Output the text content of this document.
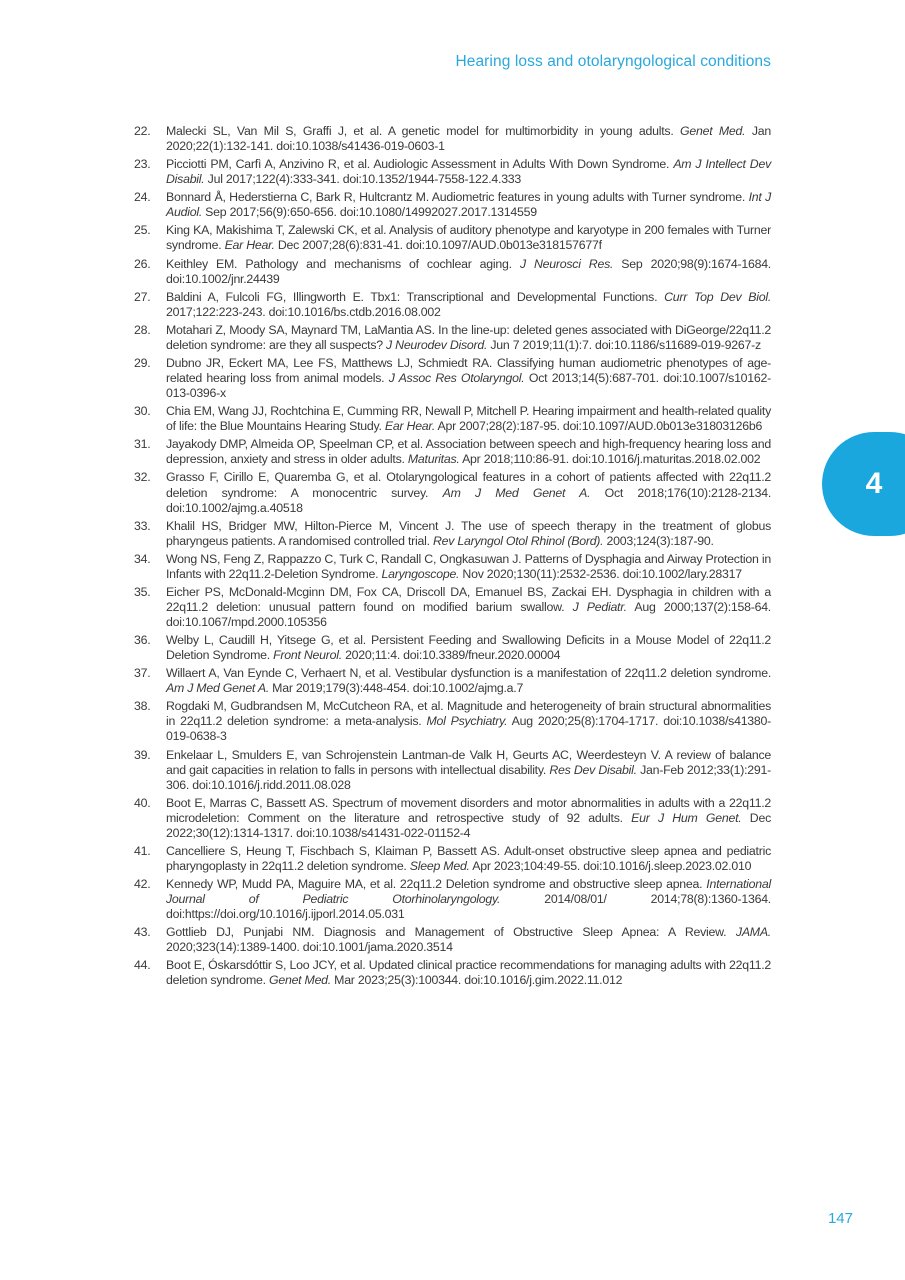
Hearing loss and otolaryngological conditions
4
22.	Malecki SL, Van Mil S, Graffi J, et al. A genetic model for multimorbidity in young adults. Genet Med. Jan 2020;22(1):132-141. doi:10.1038/s41436-019-0603-1
23.	Picciotti PM, Carfì A, Anzivino R, et al. Audiologic Assessment in Adults With Down Syndrome. Am J Intellect Dev Disabil. Jul 2017;122(4):333-341. doi:10.1352/1944-7558-122.4.333
24.	Bonnard Å, Hederstierna C, Bark R, Hultcrantz M. Audiometric features in young adults with Turner syndrome. Int J Audiol. Sep 2017;56(9):650-656. doi:10.1080/14992027.2017.1314559
25.	King KA, Makishima T, Zalewski CK, et al. Analysis of auditory phenotype and karyotype in 200 females with Turner syndrome. Ear Hear. Dec 2007;28(6):831-41. doi:10.1097/AUD.0b013e318157677f
26.	Keithley EM. Pathology and mechanisms of cochlear aging. J Neurosci Res. Sep 2020;98(9):1674-1684. doi:10.1002/jnr.24439
27.	Baldini A, Fulcoli FG, Illingworth E. Tbx1: Transcriptional and Developmental Functions. Curr Top Dev Biol. 2017;122:223-243. doi:10.1016/bs.ctdb.2016.08.002
28.	Motahari Z, Moody SA, Maynard TM, LaMantia AS. In the line-up: deleted genes associated with DiGeorge/22q11.2 deletion syndrome: are they all suspects? J Neurodev Disord. Jun 7 2019;11(1):7. doi:10.1186/s11689-019-9267-z
29.	Dubno JR, Eckert MA, Lee FS, Matthews LJ, Schmiedt RA. Classifying human audiometric phenotypes of age-related hearing loss from animal models. J Assoc Res Otolaryngol. Oct 2013;14(5):687-701. doi:10.1007/s10162-013-0396-x
30.	Chia EM, Wang JJ, Rochtchina E, Cumming RR, Newall P, Mitchell P. Hearing impairment and health-related quality of life: the Blue Mountains Hearing Study. Ear Hear. Apr 2007;28(2):187-95. doi:10.1097/AUD.0b013e31803126b6
31.	Jayakody DMP, Almeida OP, Speelman CP, et al. Association between speech and high-frequency hearing loss and depression, anxiety and stress in older adults. Maturitas. Apr 2018;110:86-91. doi:10.1016/j.maturitas.2018.02.002
32.	Grasso F, Cirillo E, Quaremba G, et al. Otolaryngological features in a cohort of patients affected with 22q11.2 deletion syndrome: A monocentric survey. Am J Med Genet A. Oct 2018;176(10):2128-2134. doi:10.1002/ajmg.a.40518
33.	Khalil HS, Bridger MW, Hilton-Pierce M, Vincent J. The use of speech therapy in the treatment of globus pharyngeus patients. A randomised controlled trial. Rev Laryngol Otol Rhinol (Bord). 2003;124(3):187-90.
34.	Wong NS, Feng Z, Rappazzo C, Turk C, Randall C, Ongkasuwan J. Patterns of Dysphagia and Airway Protection in Infants with 22q11.2-Deletion Syndrome. Laryngoscope. Nov 2020;130(11):2532-2536. doi:10.1002/lary.28317
35.	Eicher PS, McDonald-Mcginn DM, Fox CA, Driscoll DA, Emanuel BS, Zackai EH. Dysphagia in children with a 22q11.2 deletion: unusual pattern found on modified barium swallow. J Pediatr. Aug 2000;137(2):158-64. doi:10.1067/mpd.2000.105356
36.	Welby L, Caudill H, Yitsege G, et al. Persistent Feeding and Swallowing Deficits in a Mouse Model of 22q11.2 Deletion Syndrome. Front Neurol. 2020;11:4. doi:10.3389/fneur.2020.00004
37.	Willaert A, Van Eynde C, Verhaert N, et al. Vestibular dysfunction is a manifestation of 22q11.2 deletion syndrome. Am J Med Genet A. Mar 2019;179(3):448-454. doi:10.1002/ajmg.a.7
38.	Rogdaki M, Gudbrandsen M, McCutcheon RA, et al. Magnitude and heterogeneity of brain structural abnormalities in 22q11.2 deletion syndrome: a meta-analysis. Mol Psychiatry. Aug 2020;25(8):1704-1717. doi:10.1038/s41380-019-0638-3
39.	Enkelaar L, Smulders E, van Schrojenstein Lantman-de Valk H, Geurts AC, Weerdesteyn V. A review of balance and gait capacities in relation to falls in persons with intellectual disability. Res Dev Disabil. Jan-Feb 2012;33(1):291-306. doi:10.1016/j.ridd.2011.08.028
40.	Boot E, Marras C, Bassett AS. Spectrum of movement disorders and motor abnormalities in adults with a 22q11.2 microdeletion: Comment on the literature and retrospective study of 92 adults. Eur J Hum Genet. Dec 2022;30(12):1314-1317. doi:10.1038/s41431-022-01152-4
41.	Cancelliere S, Heung T, Fischbach S, Klaiman P, Bassett AS. Adult-onset obstructive sleep apnea and pediatric pharyngoplasty in 22q11.2 deletion syndrome. Sleep Med. Apr 2023;104:49-55. doi:10.1016/j.sleep.2023.02.010
42.	Kennedy WP, Mudd PA, Maguire MA, et al. 22q11.2 Deletion syndrome and obstructive sleep apnea. International Journal of Pediatric Otorhinolaryngology. 2014/08/01/ 2014;78(8):1360-1364. doi:https://doi.org/10.1016/j.ijporl.2014.05.031
43.	Gottlieb DJ, Punjabi NM. Diagnosis and Management of Obstructive Sleep Apnea: A Review. JAMA. 2020;323(14):1389-1400. doi:10.1001/jama.2020.3514
44.	Boot E, Óskarsdóttir S, Loo JCY, et al. Updated clinical practice recommendations for managing adults with 22q11.2 deletion syndrome. Genet Med. Mar 2023;25(3):100344. doi:10.1016/j.gim.2022.11.012
147
